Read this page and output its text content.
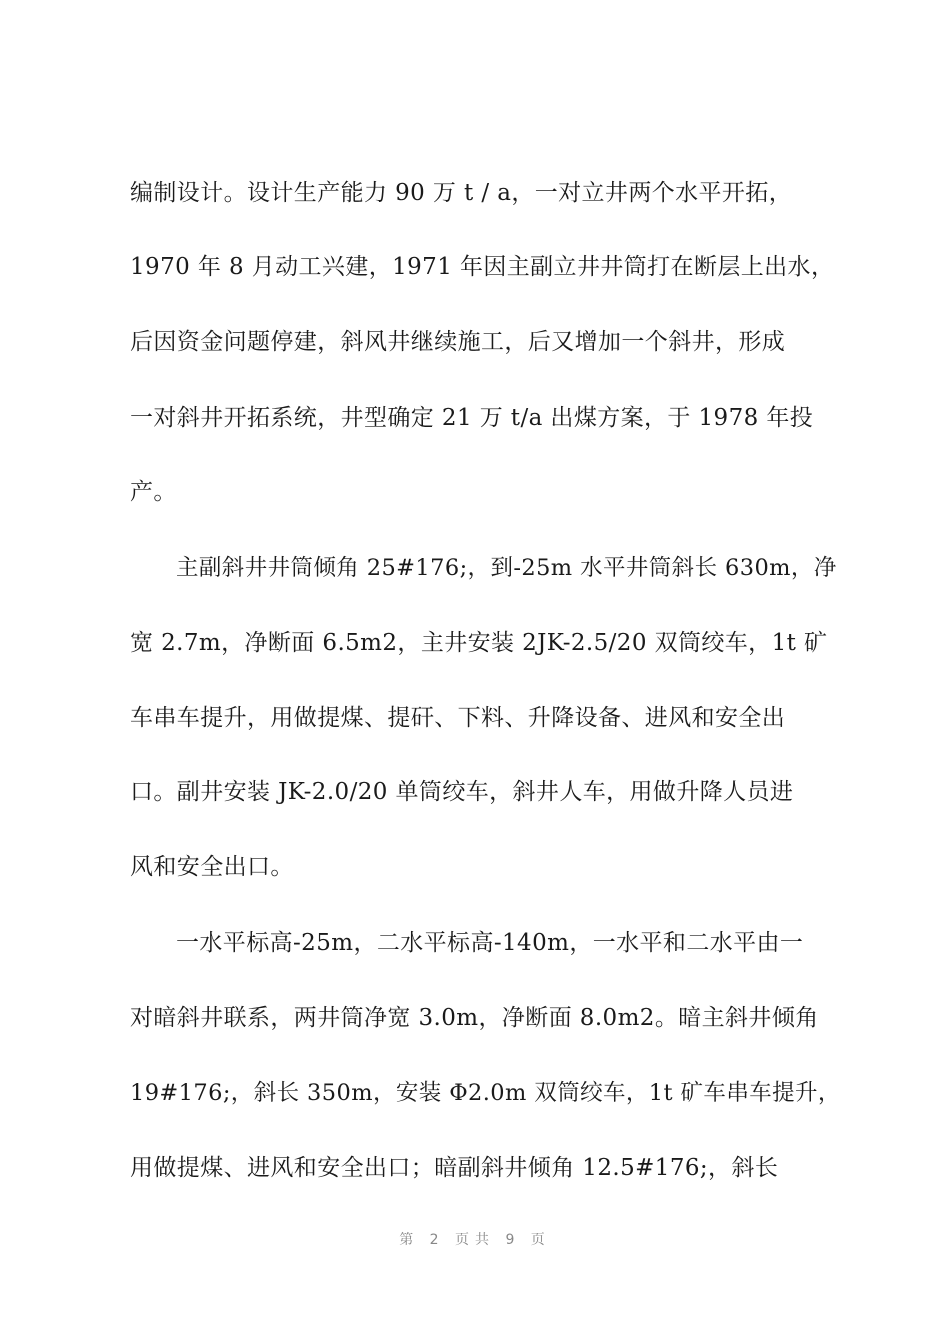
编制设计。设计生产能力 90 万 t / a，一对立井两个水平开拓，
1970 年 8 月动工兴建，1971 年因主副立井井筒打在断层上出水，
后因资金问题停建，斜风井继续施工，后又增加一个斜井，形成
一对斜井开拓系统，井型确定 21 万 t/a 出煤方案，于 1978 年投
产。
主副斜井井筒倾角 25#176;，到-25m 水平井筒斜长 630m，净
宽 2.7m，净断面 6.5m2，主井安装 2JK-2.5/20 双筒绞车，1t 矿
车串车提升，用做提煤、提矸、下料、升降设备、进风和安全出
口。副井安装 JK-2.0/20 单筒绞车，斜井人车，用做升降人员进
风和安全出口。
一水平标高-25m，二水平标高-140m，一水平和二水平由一
对暗斜井联系，两井筒净宽 3.0m，净断面 8.0m2。暗主斜井倾角
19#176;，斜长 350m，安装 Φ2.0m 双筒绞车，1t 矿车串车提升，
用做提煤、进风和安全出口；暗副斜井倾角 12.5#176;，斜长
第 2 页共 9 页
